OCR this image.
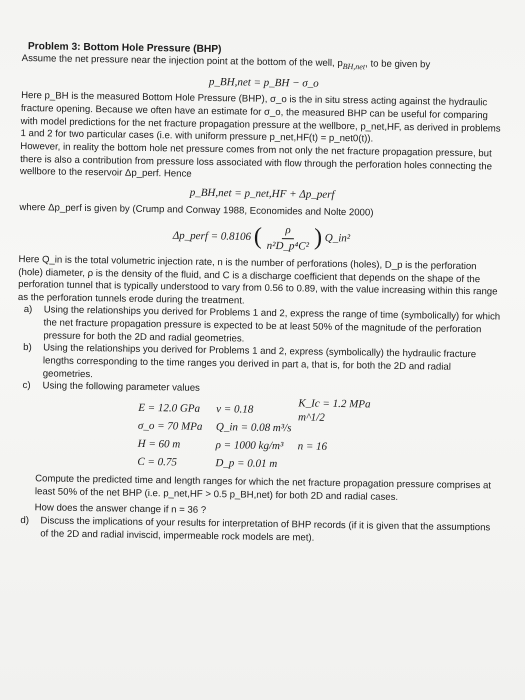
Problem 3: Bottom Hole Pressure (BHP)

Assume the net pressure near the injection point at the bottom of the well, $p_{BH,net}$, to be given by

p_BH,net = p_BH − σ_o

Here p_BH is the measured Bottom Hole Pressure (BHP), σ_o is the in situ stress acting against the hydraulic fracture opening. Because we often have an estimate for σ_o, the measured BHP can be useful for comparing with model predictions for the net fracture propagation pressure at the wellbore, p_net,HF, as derived in problems 1 and 2 for two particular cases (i.e. with uniform pressure p_net,HF(t) = p_net0(t)).

However, in reality the bottom hole net pressure comes from not only the net fracture propagation pressure, but there is also a contribution from pressure loss associated with flow through the perforation holes connecting the wellbore to the reservoir Δp_perf. Hence

p_BH,net = p_net,HF + Δp_perf

where Δp_perf is given by (Crump and Conway 1988, Economides and Nolte 2000)

Δp_perf = 0.8106 ( $\frac{\rho}{\text{n²D\_p⁴C²}}$ ) Q_in²

Here Q_in is the total volumetric injection rate, n is the number of perforations (holes), D_p is the perforation (hole) diameter, ρ is the density of the fluid, and C is a discharge coefficient that depends on the shape of the perforation tunnel that is typically understood to vary from 0.56 to 0.89, with the value increasing within this range as the perforation tunnels erode during the treatment.

a)	Using the relationships you derived for Problems 1 and 2, express the range of time (symbolically) for which the net fracture propagation pressure is expected to be at least 50% of the magnitude of the perforation pressure for both the 2D and radial geometries.
b)	Using the relationships you derived for Problems 1 and 2, express (symbolically) the hydraulic fracture lengths corresponding to the time ranges you derived in part a, that is, for both the 2D and radial geometries.
c)	Using the following parameter values
E = 12.0 GPa	ν = 0.18	K_Ic = 1.2 MPa m^1/2
σ_o = 70 MPa	Q_in = 0.08 m³/s
H = 60 m	ρ = 1000 kg/m³	n = 16
C = 0.75	D_p = 0.01 m

Compute the predicted time and length ranges for which the net fracture propagation pressure comprises at least 50% of the net BHP (i.e. p_net,HF > 0.5 p_BH,net) for both 2D and radial cases.

How does the answer change if n = 36 ?

d)	Discuss the implications of your results for interpretation of BHP records (if it is given that the assumptions of the 2D and radial inviscid, impermeable rock models are met).
